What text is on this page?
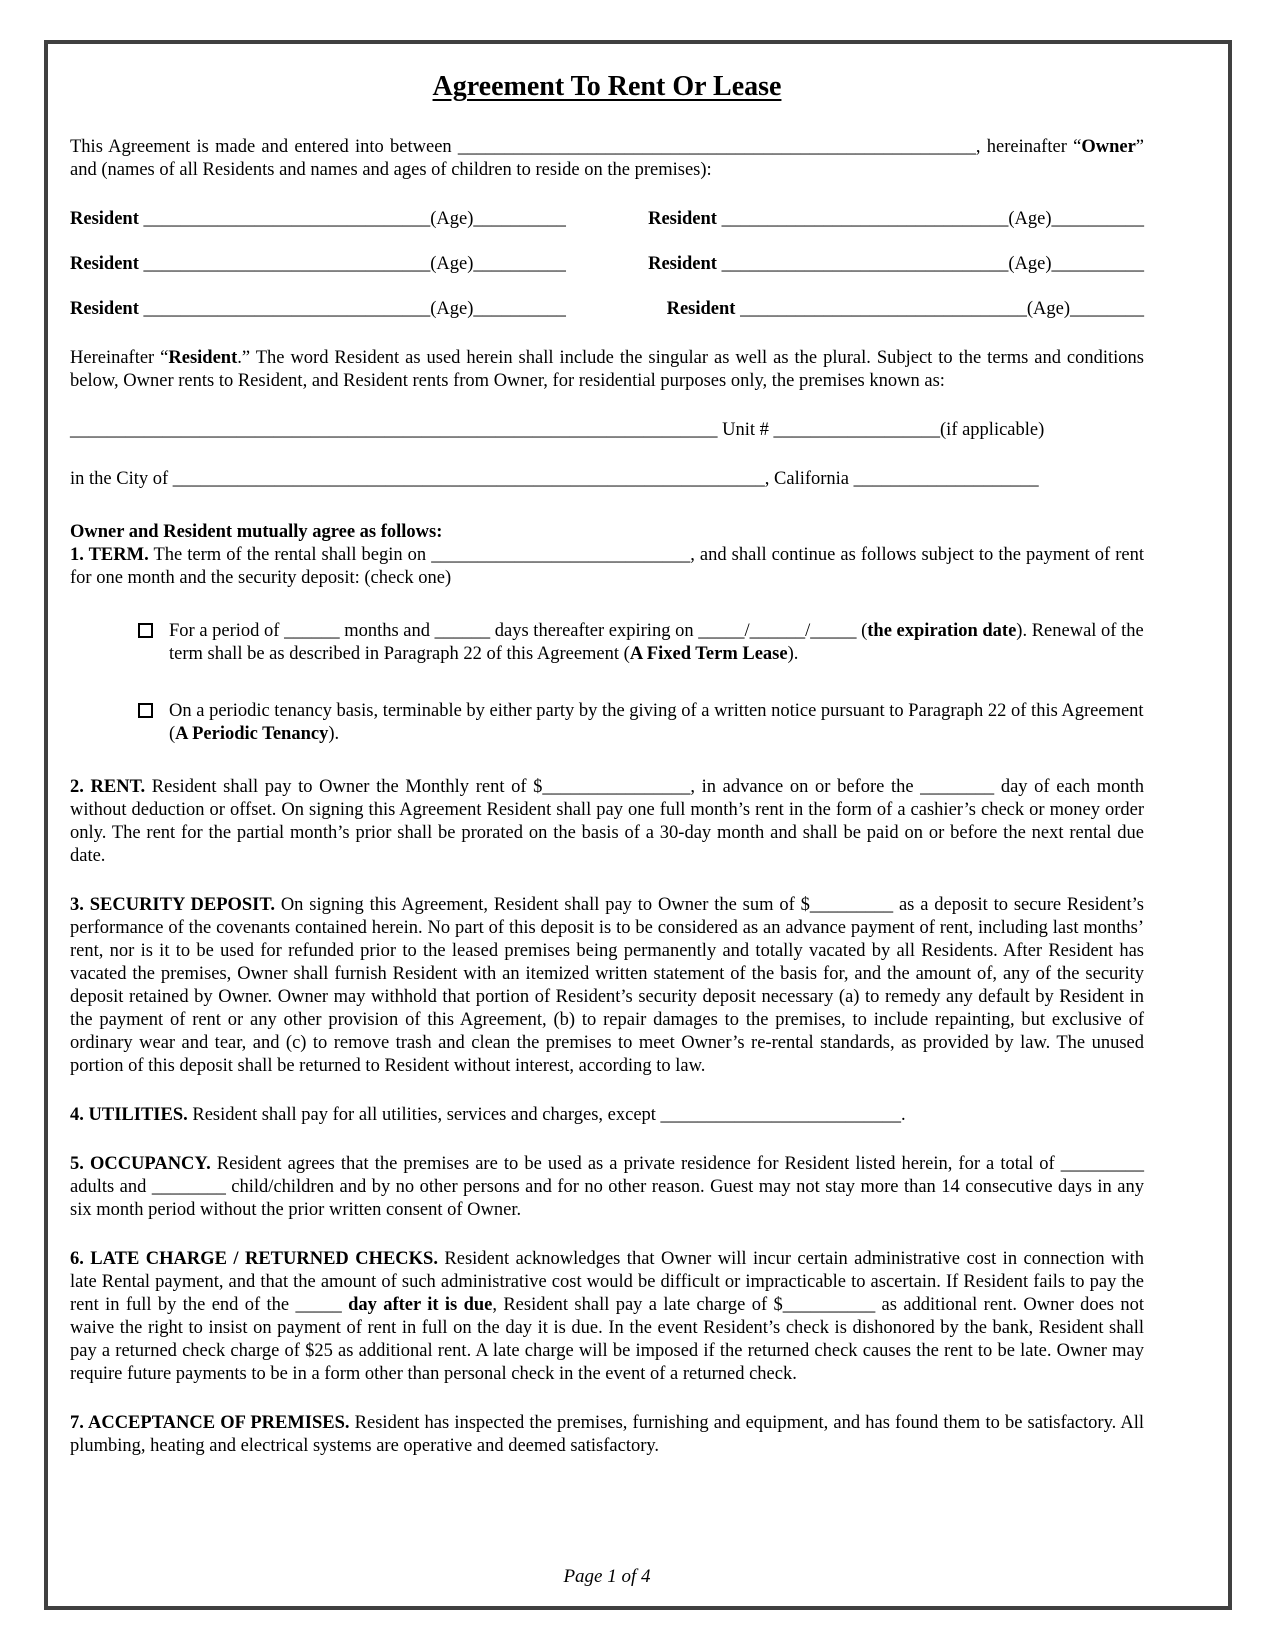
Agreement To Rent Or Lease

This Agreement is made and entered into between ________________________________________________________, hereinafter “Owner” and (names of all Residents and names and ages of children to reside on the premises):

Resident _______________________________(Age)__________	Resident _______________________________(Age)__________
Resident _______________________________(Age)__________	Resident _______________________________(Age)__________
Resident _______________________________(Age)__________	Resident _______________________________(Age)________

Hereinafter “Resident.” The word Resident as used herein shall include the singular as well as the plural. Subject to the terms and conditions below, Owner rents to Resident, and Resident rents from Owner, for residential purposes only, the premises known as:

______________________________________________________________________ Unit # __________________(if applicable)

in the City of ________________________________________________________________, California ____________________

Owner and Resident mutually agree as follows:

1. TERM. The term of the rental shall begin on ____________________________, and shall continue as follows subject to the payment of rent for one month and the security deposit: (check one)

For a period of ______ months and ______ days thereafter expiring on _____/______/_____ (the expiration date). Renewal of the term shall be as described in Paragraph 22 of this Agreement (A Fixed Term Lease).
On a periodic tenancy basis, terminable by either party by the giving of a written notice pursuant to Paragraph 22 of this Agreement (A Periodic Tenancy).

2. RENT. Resident shall pay to Owner the Monthly rent of $________________, in advance on or before the ________ day of each month without deduction or offset. On signing this Agreement Resident shall pay one full month’s rent in the form of a cashier’s check or money order only. The rent for the partial month’s prior shall be prorated on the basis of a 30-day month and shall be paid on or before the next rental due date.

3. SECURITY DEPOSIT. On signing this Agreement, Resident shall pay to Owner the sum of $_________ as a deposit to secure Resident’s performance of the covenants contained herein. No part of this deposit is to be considered as an advance payment of rent, including last months’ rent, nor is it to be used for refunded prior to the leased premises being permanently and totally vacated by all Residents. After Resident has vacated the premises, Owner shall furnish Resident with an itemized written statement of the basis for, and the amount of, any of the security deposit retained by Owner. Owner may withhold that portion of Resident’s security deposit necessary (a) to remedy any default by Resident in the payment of rent or any other provision of this Agreement, (b) to repair damages to the premises, to include repainting, but exclusive of ordinary wear and tear, and (c) to remove trash and clean the premises to meet Owner’s re-rental standards, as provided by law. The unused portion of this deposit shall be returned to Resident without interest, according to law.

4. UTILITIES. Resident shall pay for all utilities, services and charges, except __________________________.

5. OCCUPANCY. Resident agrees that the premises are to be used as a private residence for Resident listed herein, for a total of _________ adults and ________ child/children and by no other persons and for no other reason. Guest may not stay more than 14 consecutive days in any six month period without the prior written consent of Owner.

6. LATE CHARGE / RETURNED CHECKS. Resident acknowledges that Owner will incur certain administrative cost in connection with late Rental payment, and that the amount of such administrative cost would be difficult or impracticable to ascertain. If Resident fails to pay the rent in full by the end of the _____ day after it is due, Resident shall pay a late charge of $__________ as additional rent. Owner does not waive the right to insist on payment of rent in full on the day it is due. In the event Resident’s check is dishonored by the bank, Resident shall pay a returned check charge of $25 as additional rent. A late charge will be imposed if the returned check causes the rent to be late. Owner may require future payments to be in a form other than personal check in the event of a returned check.

7. ACCEPTANCE OF PREMISES. Resident has inspected the premises, furnishing and equipment, and has found them to be satisfactory. All plumbing, heating and electrical systems are operative and deemed satisfactory.

Page 1 of 4
